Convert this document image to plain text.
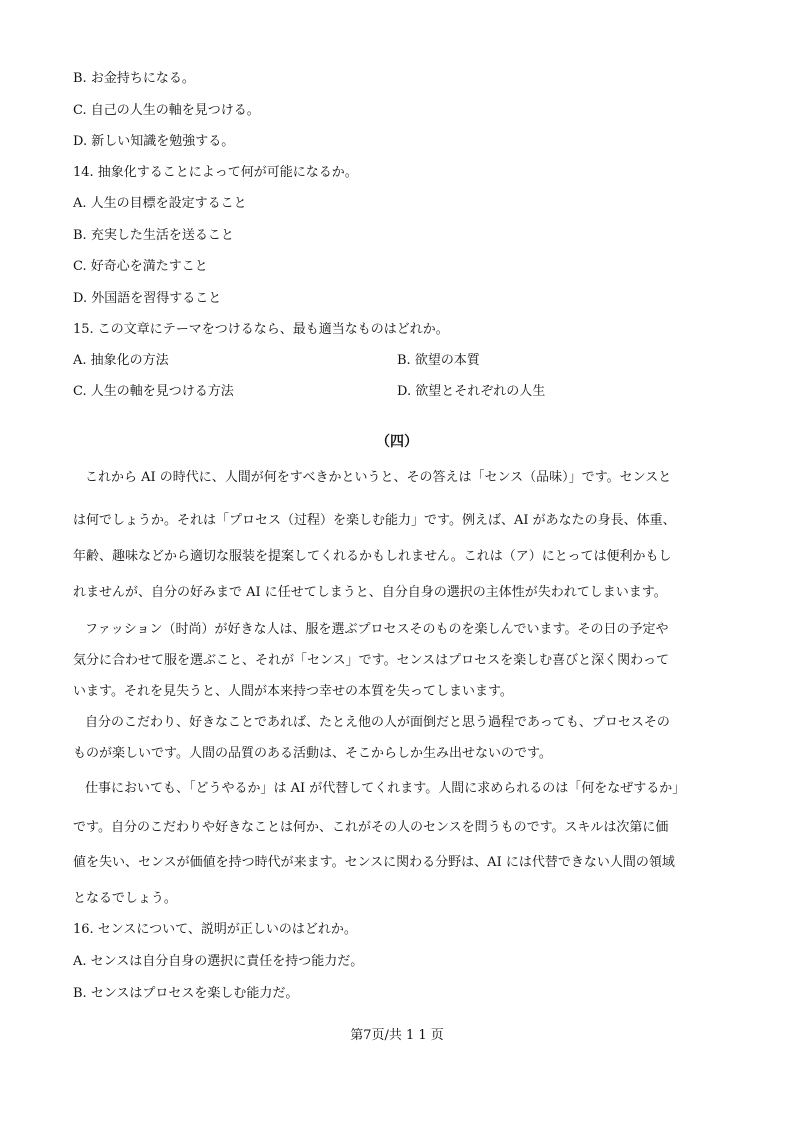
B. お金持ちになる。
C. 自己の人生の軸を見つける。
D. 新しい知識を勉強する。
14. 抽象化することによって何が可能になるか。
A. 人生の目標を設定すること
B. 充実した生活を送ること
C. 好奇心を満たすこと
D. 外国語を習得すること
15. この文章にテーマをつけるなら、最も適当なものはどれか。
A. 抽象化の方法	B. 欲望の本質
C. 人生の軸を見つける方法	D. 欲望とそれぞれの人生
（四）
これから AI の時代に、人間が何をすべきかというと、その答えは「センス（品味）」です。センスと
は何でしょうか。それは「プロセス（过程）を楽しむ能力」です。例えば、AI があなたの身長、体重、
年齢、趣味などから適切な服装を提案してくれるかもしれません。これは（ア）にとっては便利かもし
れませんが、自分の好みまで AI に任せてしまうと、自分自身の選択の主体性が失われてしまいます。
ファッション（时尚）が好きな人は、服を選ぶプロセスそのものを楽しんでいます。その日の予定や
気分に合わせて服を選ぶこと、それが「センス」です。センスはプロセスを楽しむ喜びと深く関わって
います。それを見失うと、人間が本来持つ幸せの本質を失ってしまいます。
自分のこだわり、好きなことであれば、たとえ他の人が面倒だと思う過程であっても、プロセスその
ものが楽しいです。人間の品質のある活動は、そこからしか生み出せないのです。
仕事においても、「どうやるか」は AI が代替してくれます。人間に求められるのは「何をなぜするか」
です。自分のこだわりや好きなことは何か、これがその人のセンスを問うものです。スキルは次第に価
値を失い、センスが価値を持つ時代が来ます。センスに関わる分野は、AI には代替できない人間の領域
となるでしょう。
16. センスについて、説明が正しいのはどれか。
A. センスは自分自身の選択に責任を持つ能力だ。
B. センスはプロセスを楽しむ能力だ。
第7页/共 1 1 页
